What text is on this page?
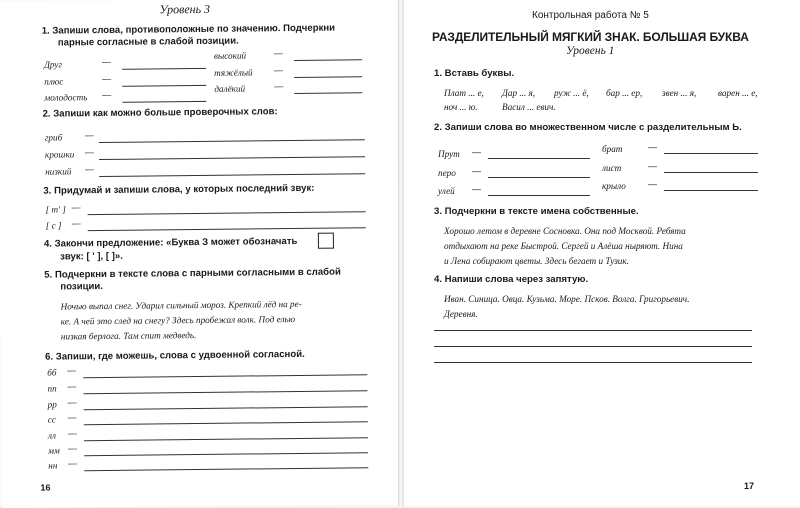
Уровень 3
1. Запиши слова, противоположные по значению. Подчеркни
парные согласные в слабой позиции.
Друг	—
плюс	—
молодость —
высокий	—
тяжёлый —
далёкий	—
2. Запиши как можно больше проверочных слов:
гриб —
крошки —
низкий —
3. Придумай и запиши слова, у которых последний звук:
[ т' ] —
[ с ] —
4. Закончи предложение: «Буква З может обозначать
звук: [ ' ], [ ]».
5. Подчеркни в тексте слова с парными согласными в слабой
позиции.
Ночью выпал снег. Ударил сильный мороз. Крепкий лёд на ре-
ке. А чей это след на снегу? Здесь пробежал волк. Под елью
низкая берлога. Там спит медведь.
6. Запиши, где можешь, слова с удвоенной согласной.
бб —
пп —
рр —
сс —
лл —
мм —
нн —
16
Контрольная работа № 5
РАЗДЕЛИТЕЛЬНЫЙ МЯГКИЙ ЗНАК. БОЛЬШАЯ БУКВА
Уровень 1
1. Вставь буквы.
Плат ... е, Дар ... я, руж ... ё, бар ... ер, звен ... я, варен ... е,
ноч ... ю.	Васил ... евич.
2. Запиши слова во множественном числе с разделительным Ь.
Прут —
перо —
улей —
брат	—
лист	—
крыло —
3. Подчеркни в тексте имена собственные.
Хорошо летом в деревне Сосновка. Она под Москвой. Ребята
отдыхают на реке Быстрой. Сергей и Алёша ныряют. Нина
и Лена собирают цветы. Здесь бегает и Тузик.
4. Напиши слова через запятую.
Иван. Синица. Овца. Кузьма. Море. Псков. Волга. Григорьевич.
Деревня.
17
